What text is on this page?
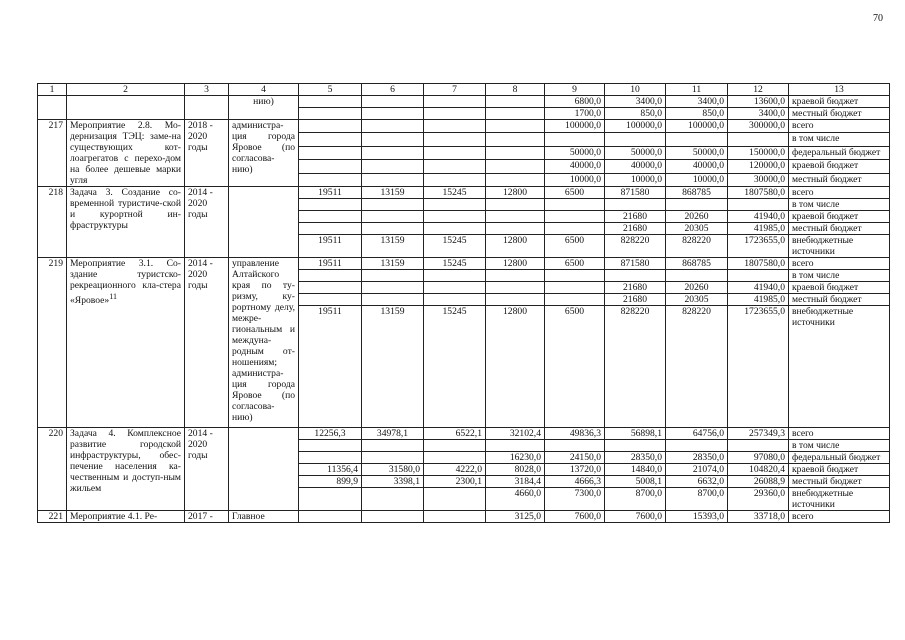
70
1	2	3	4	5	6	7	8	9	10	11	12	13
			нию)					6800,0	3400,0	3400,0	13600,0	краевой бюджет
								1700,0	850,0	850,0	3400,0	местный бюджет
217	Мероприятие 2.8. Мо-дернизация ТЭЦ: заме-на существующих кот-лоагрегатов с перехо-дом на более дешевые марки угля	2018 - 2020 годы	администра-ция города Яровое (по согласова-нию)					100000,0	100000,0	100000,0	300000,0	всего
												в том числе
								50000,0	50000,0	50000,0	150000,0	федеральный бюджет
								40000,0	40000,0	40000,0	120000,0	краевой бюджет
								10000,0	10000,0	10000,0	30000,0	местный бюджет
218	Задача 3. Создание со-временной туристиче-ской и курортной ин-фраструктуры	2014 - 2020 годы		19511	13159	15245	12800	6500	871580	868785	1807580,0	всего
												в том числе
									21680	20260	41940,0	краевой бюджет
									21680	20305	41985,0	местный бюджет
				19511	13159	15245	12800	6500	828220	828220	1723655,0	внебюджетные источники
219	Мероприятие 3.1. Со-здание туристско-рекреационного кла-стера «Яровое»$^{11}$	2014 - 2020 годы	управление Алтайского края по ту-ризму, ку-рортному делу, межре-гиональным и междуна-родным от-ношениям; администра-ция города Яровое (по согласова-нию)	19511	13159	15245	12800	6500	871580	868785	1807580,0	всего
												в том числе
									21680	20260	41940,0	краевой бюджет
									21680	20305	41985,0	местный бюджет
				19511	13159	15245	12800	6500	828220	828220	1723655,0	внебюджетные источники
220	Задача 4. Комплексное развитие городской инфраструктуры, обес-печение населения ка-чественным и доступ-ным жильем	2014 - 2020 годы		12256,3	34978,1	6522,1	32102,4	49836,3	56898,1	64756,0	257349,3	всего
												в том числе
							16230,0	24150,0	28350,0	28350,0	97080,0	федеральный бюджет
				11356,4	31580,0	4222,0	8028,0	13720,0	14840,0	21074,0	104820,4	краевой бюджет
				899,9	3398,1	2300,1	3184,4	4666,3	5008,1	6632,0	26088,9	местный бюджет
							4660,0	7300,0	8700,0	8700,0	29360,0	внебюджетные источники
221	Мероприятие 4.1. Ре-	2017 -	Главное				3125,0	7600,0	7600,0	15393,0	33718,0	всего
